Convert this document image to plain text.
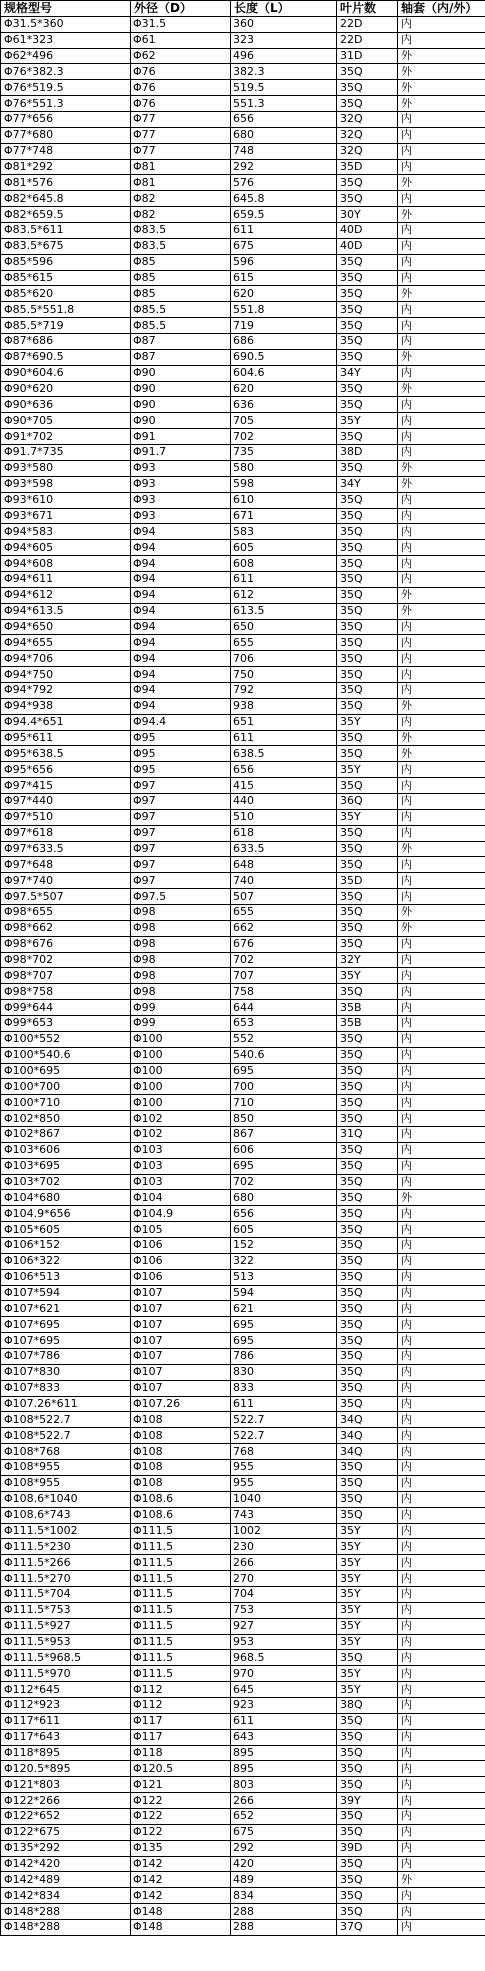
规格型号	外径（D）	长度（L）	叶片数	轴套（内/外）
Φ31.5*360	Φ31.5	360	22D	内
Φ61*323	Φ61	323	22D	内
Φ62*496	Φ62	496	31D	外
Φ76*382.3	Φ76	382.3	35Q	外
Φ76*519.5	Φ76	519.5	35Q	外
Φ76*551.3	Φ76	551.3	35Q	外
Φ77*656	Φ77	656	32Q	内
Φ77*680	Φ77	680	32Q	内
Φ77*748	Φ77	748	32Q	内
Φ81*292	Φ81	292	35D	内
Φ81*576	Φ81	576	35Q	外
Φ82*645.8	Φ82	645.8	35Q	内
Φ82*659.5	Φ82	659.5	30Y	外
Φ83.5*611	Φ83.5	611	40D	内
Φ83.5*675	Φ83.5	675	40D	内
Φ85*596	Φ85	596	35Q	内
Φ85*615	Φ85	615	35Q	内
Φ85*620	Φ85	620	35Q	外
Φ85.5*551.8	Φ85.5	551.8	35Q	内
Φ85.5*719	Φ85.5	719	35Q	内
Φ87*686	Φ87	686	35Q	内
Φ87*690.5	Φ87	690.5	35Q	外
Φ90*604.6	Φ90	604.6	34Y	内
Φ90*620	Φ90	620	35Q	外
Φ90*636	Φ90	636	35Q	内
Φ90*705	Φ90	705	35Y	内
Φ91*702	Φ91	702	35Q	内
Φ91.7*735	Φ91.7	735	38D	内
Φ93*580	Φ93	580	35Q	外
Φ93*598	Φ93	598	34Y	外
Φ93*610	Φ93	610	35Q	内
Φ93*671	Φ93	671	35Q	内
Φ94*583	Φ94	583	35Q	内
Φ94*605	Φ94	605	35Q	内
Φ94*608	Φ94	608	35Q	内
Φ94*611	Φ94	611	35Q	内
Φ94*612	Φ94	612	35Q	外
Φ94*613.5	Φ94	613.5	35Q	外
Φ94*650	Φ94	650	35Q	内
Φ94*655	Φ94	655	35Q	内
Φ94*706	Φ94	706	35Q	内
Φ94*750	Φ94	750	35Q	内
Φ94*792	Φ94	792	35Q	内
Φ94*938	Φ94	938	35Q	外
Φ94.4*651	Φ94.4	651	35Y	内
Φ95*611	Φ95	611	35Q	外
Φ95*638.5	Φ95	638.5	35Q	外
Φ95*656	Φ95	656	35Y	内
Φ97*415	Φ97	415	35Q	内
Φ97*440	Φ97	440	36Q	内
Φ97*510	Φ97	510	35Y	内
Φ97*618	Φ97	618	35Q	内
Φ97*633.5	Φ97	633.5	35Q	外
Φ97*648	Φ97	648	35Q	内
Φ97*740	Φ97	740	35D	内
Φ97.5*507	Φ97.5	507	35Q	内
Φ98*655	Φ98	655	35Q	外
Φ98*662	Φ98	662	35Q	外
Φ98*676	Φ98	676	35Q	内
Φ98*702	Φ98	702	32Y	内
Φ98*707	Φ98	707	35Y	内
Φ98*758	Φ98	758	35Q	内
Φ99*644	Φ99	644	35B	内
Φ99*653	Φ99	653	35B	内
Φ100*552	Φ100	552	35Q	内
Φ100*540.6	Φ100	540.6	35Q	内
Φ100*695	Φ100	695	35Q	内
Φ100*700	Φ100	700	35Q	内
Φ100*710	Φ100	710	35Q	内
Φ102*850	Φ102	850	35Q	内
Φ102*867	Φ102	867	31Q	内
Φ103*606	Φ103	606	35Q	内
Φ103*695	Φ103	695	35Q	内
Φ103*702	Φ103	702	35Q	内
Φ104*680	Φ104	680	35Q	外
Φ104.9*656	Φ104.9	656	35Q	内
Φ105*605	Φ105	605	35Q	内
Φ106*152	Φ106	152	35Q	内
Φ106*322	Φ106	322	35Q	内
Φ106*513	Φ106	513	35Q	内
Φ107*594	Φ107	594	35Q	内
Φ107*621	Φ107	621	35Q	内
Φ107*695	Φ107	695	35Q	内
Φ107*695	Φ107	695	35Q	内
Φ107*786	Φ107	786	35Q	内
Φ107*830	Φ107	830	35Q	内
Φ107*833	Φ107	833	35Q	内
Φ107.26*611	Φ107.26	611	35Q	内
Φ108*522.7	Φ108	522.7	34Q	内
Φ108*522.7	Φ108	522.7	34Q	内
Φ108*768	Φ108	768	34Q	内
Φ108*955	Φ108	955	35Q	内
Φ108*955	Φ108	955	35Q	内
Φ108.6*1040	Φ108.6	1040	35Q	内
Φ108.6*743	Φ108.6	743	35Q	内
Φ111.5*1002	Φ111.5	1002	35Y	内
Φ111.5*230	Φ111.5	230	35Y	内
Φ111.5*266	Φ111.5	266	35Y	内
Φ111.5*270	Φ111.5	270	35Y	内
Φ111.5*704	Φ111.5	704	35Y	内
Φ111.5*753	Φ111.5	753	35Y	内
Φ111.5*927	Φ111.5	927	35Y	内
Φ111.5*953	Φ111.5	953	35Y	内
Φ111.5*968.5	Φ111.5	968.5	35Q	内
Φ111.5*970	Φ111.5	970	35Y	内
Φ112*645	Φ112	645	35Y	内
Φ112*923	Φ112	923	38Q	内
Φ117*611	Φ117	611	35Q	内
Φ117*643	Φ117	643	35Q	内
Φ118*895	Φ118	895	35Q	内
Φ120.5*895	Φ120.5	895	35Q	内
Φ121*803	Φ121	803	35Q	内
Φ122*266	Φ122	266	39Y	内
Φ122*652	Φ122	652	35Q	内
Φ122*675	Φ122	675	35Q	内
Φ135*292	Φ135	292	39D	内
Φ142*420	Φ142	420	35Q	内
Φ142*489	Φ142	489	35Q	外
Φ142*834	Φ142	834	35Q	内
Φ148*288	Φ148	288	35Q	内
Φ148*288	Φ148	288	37Q	内
